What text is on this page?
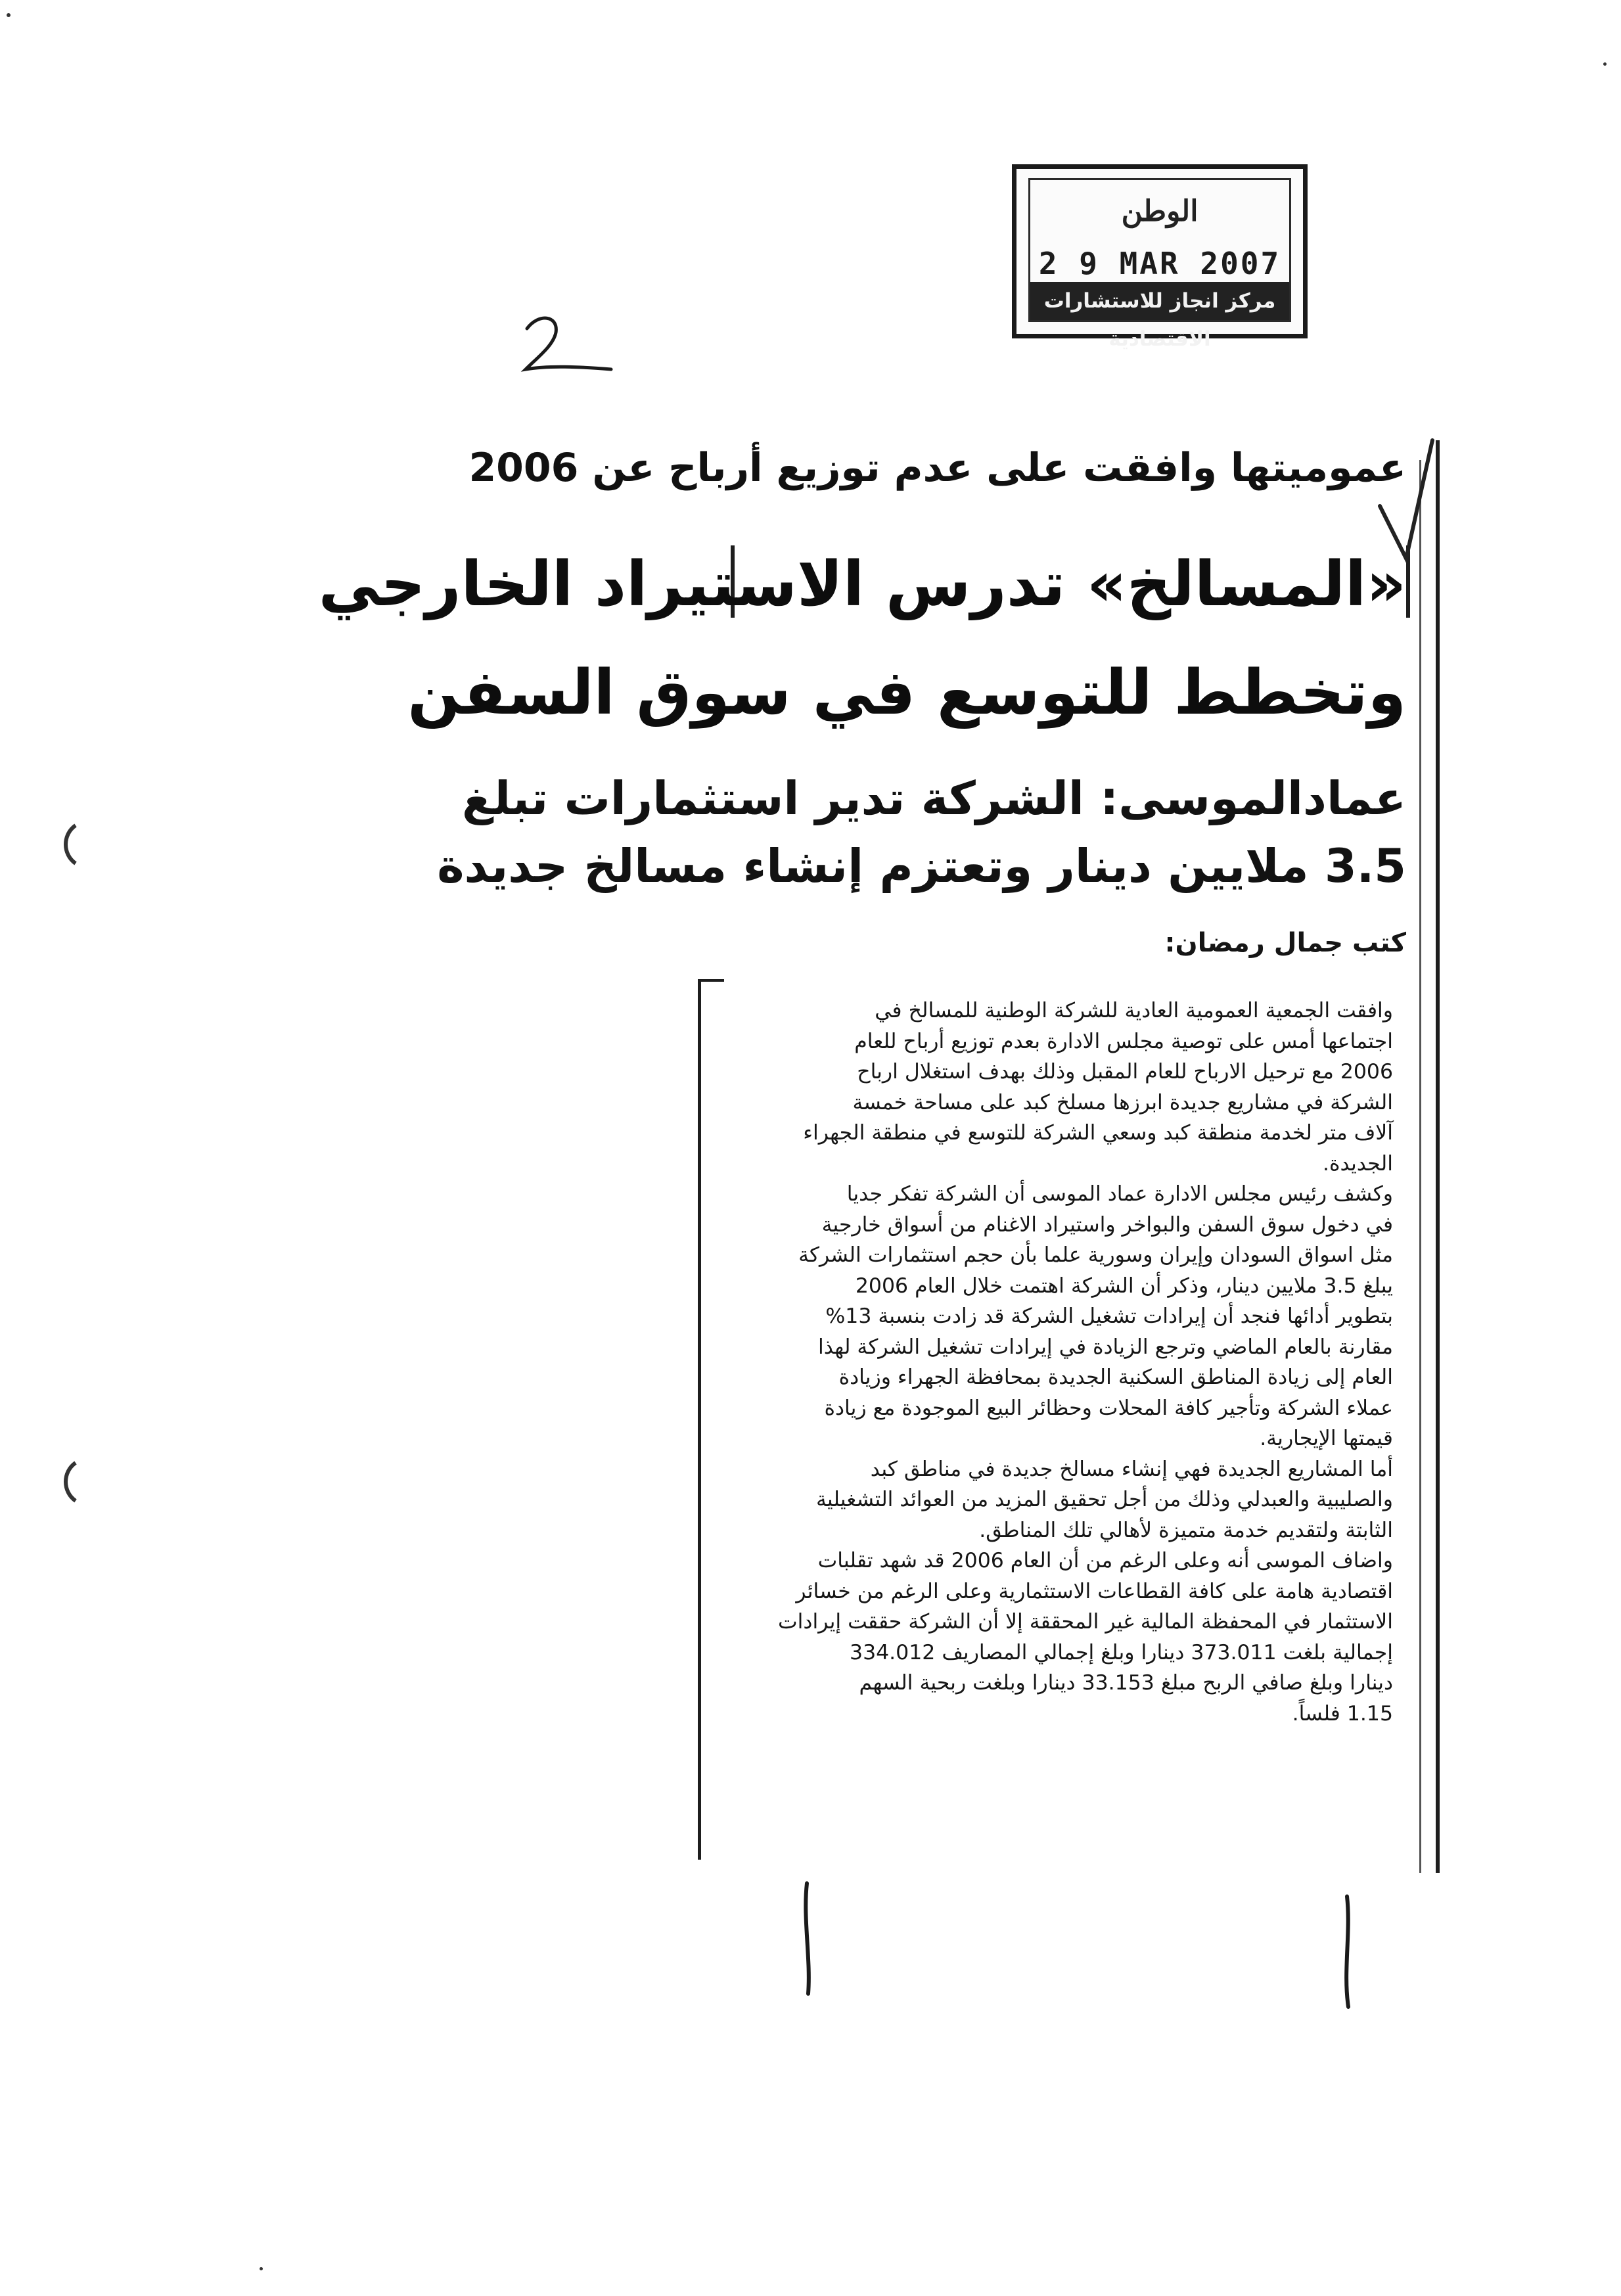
الوطن
2 9 MAR 2007
مركز انجاز للاستشارات الاقتصادية
عموميتها وافقت على عدم توزيع أرباح عن 2006
«المسالخ» تدرس الاستيراد الخارجي
وتخطط للتوسع في سوق السفن
عمادالموسى: الشركة تدير استثمارات تبلغ
3.5 ملايين دينار وتعتزم إنشاء مسالخ جديدة
كتب جمال رمضان:
وافقت الجمعية العمومية العادية للشركة الوطنية للمسالخ في
اجتماعها أمس على توصية مجلس الادارة بعدم توزيع أرباح للعام
2006 مع ترحيل الارباح للعام المقبل وذلك بهدف استغلال ارباح
الشركة في مشاريع جديدة ابرزها مسلخ كبد على مساحة خمسة
آلاف متر لخدمة منطقة كبد وسعي الشركة للتوسع في منطقة الجهراء
الجديدة.
وكشف رئيس مجلس الادارة عماد الموسى أن الشركة تفكر جديا
في دخول سوق السفن والبواخر واستيراد الاغنام من أسواق خارجية
مثل اسواق السودان وإيران وسورية علما بأن حجم استثمارات الشركة
يبلغ 3.5 ملايين دينار، وذكر أن الشركة اهتمت خلال العام 2006
بتطوير أدائها فنجد أن إيرادات تشغيل الشركة قد زادت بنسبة 13%
مقارنة بالعام الماضي وترجع الزيادة في إيرادات تشغيل الشركة لهذا
العام إلى زيادة المناطق السكنية الجديدة بمحافظة الجهراء وزيادة
عملاء الشركة وتأجير كافة المحلات وحظائر البيع الموجودة مع زيادة
قيمتها الإيجارية.
أما المشاريع الجديدة فهي إنشاء مسالخ جديدة في مناطق كبد
والصليبية والعبدلي وذلك من أجل تحقيق المزيد من العوائد التشغيلية
الثابتة ولتقديم خدمة متميزة لأهالي تلك المناطق.
واضاف الموسى أنه وعلى الرغم من أن العام 2006 قد شهد تقلبات
اقتصادية هامة على كافة القطاعات الاستثمارية وعلى الرغم من خسائر
الاستثمار في المحفظة المالية غير المحققة إلا أن الشركة حققت إيرادات
إجمالية بلغت 373.011 دينارا وبلغ إجمالي المصاريف 334.012
دينارا وبلغ صافي الربح مبلغ 33.153 دينارا وبلغت ربحية السهم
1.15 فلساً.
